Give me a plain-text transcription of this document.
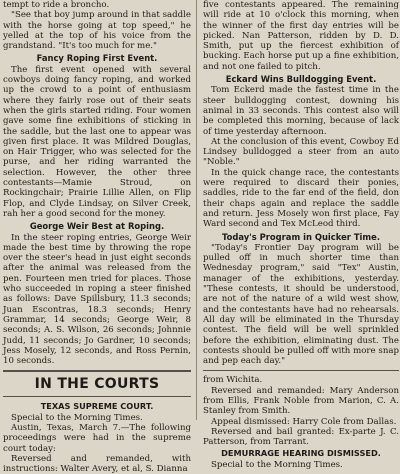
tempt to ride a broncho.

"See that boy jump around in that saddle with the horse going at top speed," he yelled at the top of his voice from the grandstand. "It's too much for me."

Fancy Roping First Event.

The first event opened with several cowboys doing fancy roping, and worked up the crowd to a point of enthusiasm where they fairly rose out of their seats when the girls started riding. Four women gave some fine exhibitions of sticking in the saddle, but the last one to appear was given first place. It was Mildred Douglas, on Hair Trigger, who was selected for the purse, and her riding warranted the selection. However, the other three contestants—Mamie Stroud, on Rockingchair; Prairie Lillie Allen, on Flip Flop, and Clyde Lindsay, on Silver Creek, rah her a good second for the money.

George Weir Best at Roping.

In the steer roping entries, George Weir made the best time by throwing the rope over the steer's head in just eight seconds after the animal was released from the pen. Fourteen men tried for places. Those who succeeded in roping a steer finished as follows: Dave Spillsbury, 11.3 seconds; Juan Escontras, 18.3 seconds; Henry Grammar, 14 seconds; George Weir, 8 seconds; A. S. Wilson, 26 seconds; Johnnie Judd, 11 seconds; Jo Gardner, 10 seconds; Jess Mosely, 12 seconds, and Ross Pernin, 10 seconds.

IN THE COURTS
TEXAS SUPREME COURT.

Special to the Morning Times.

Austin, Texas, March 7.—The following proceedings were had in the supreme court today:

Reversed and remanded, with instructions: Walter Avery, et al, S. Dianna

five contestants appeared. The remaining will ride at 10 o'clock this morning, when the winner of the first day entries will be picked. Nan Patterson, ridden by D. D. Smith, put up the fiercest exhibition of bucking. Each horse put up a fine exhibition, and not one failed to pitch.

Eckard Wins Bulldogging Event.

Tom Eckerd made the fastest time in the steer bulldogging contest, downing his animal in 33 seconds. This contest also will be completed this morning, because of lack of time yesterday afternoon.

At the conclusion of this event, Cowboy Ed Lindsey bulldogged a steer from an auto "Noble."

In the quick change race, the contestants were required to discard their ponies, saddles, ride to the far end of the field, don their chaps again and replace the saddle and return. Jess Mosely won first place, Fay Ward second and Tex McLeod third.

Today's Program in Quicker Time.

"Today's Frontier Day program will be pulled off in much shorter time than Wednesday program," said "Tex" Austin, manager of the exhibitions, yesterday. "These contests, it should be understood, are not of the nature of a wild west show, and the contestants have had no rehearsals. All day will be eliminated in the Thursday contest. The field will be well sprinkled before the exhibition, eliminating dust. The contests should be pulled off with more snap and pep each day."

from Wichita.

Reversed and remanded: Mary Anderson from Ellis, Frank Noble from Marion, C. A. Stanley from Smith.

Appeal dismissed: Harry Cole from Dallas.

Reversed and bail granted: Ex-parte J. C. Patterson, from Tarrant.

DEMURRAGE HEARING DISMISSED.

Special to the Morning Times.
